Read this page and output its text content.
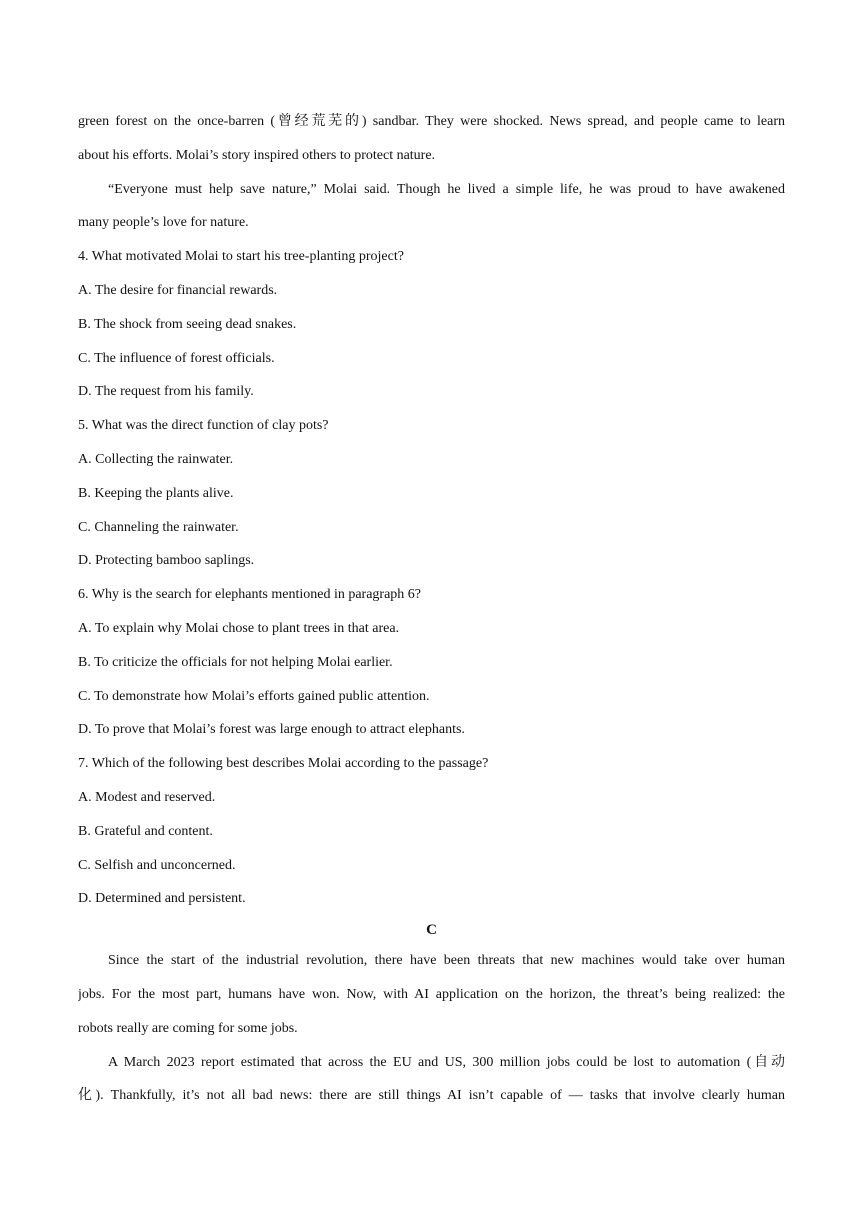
green forest on the once-barren (曾经荒芜的) sandbar. They were shocked. News spread, and people came to learn
about his efforts. Molai’s story inspired others to protect nature.
“Everyone must help save nature,” Molai said. Though he lived a simple life, he was proud to have awakened
many people’s love for nature.
4. What motivated Molai to start his tree-planting project?
A. The desire for financial rewards.
B. The shock from seeing dead snakes.
C. The influence of forest officials.
D. The request from his family.
5. What was the direct function of clay pots?
A. Collecting the rainwater.
B. Keeping the plants alive.
C. Channeling the rainwater.
D. Protecting bamboo saplings.
6. Why is the search for elephants mentioned in paragraph 6?
A. To explain why Molai chose to plant trees in that area.
B. To criticize the officials for not helping Molai earlier.
C. To demonstrate how Molai’s efforts gained public attention.
D. To prove that Molai’s forest was large enough to attract elephants.
7. Which of the following best describes Molai according to the passage?
A. Modest and reserved.
B. Grateful and content.
C. Selfish and unconcerned.
D. Determined and persistent.
C
Since the start of the industrial revolution, there have been threats that new machines would take over human
jobs. For the most part, humans have won. Now, with AI application on the horizon, the threat’s being realized: the
robots really are coming for some jobs.
A March 2023 report estimated that across the EU and US, 300 million jobs could be lost to automation (自动
化). Thankfully, it’s not all bad news: there are still things AI isn’t capable of — tasks that involve clearly human
